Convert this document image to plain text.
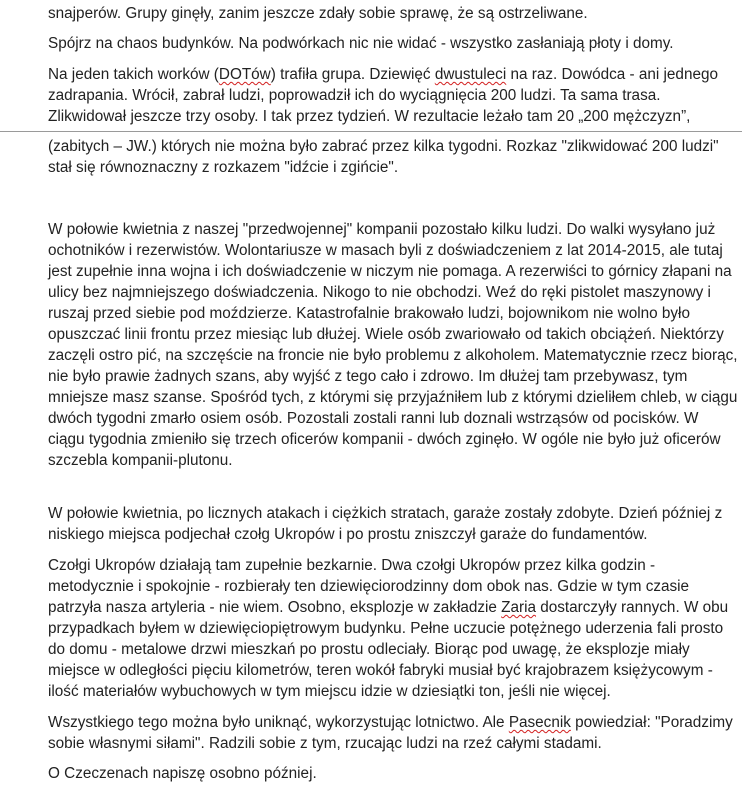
snajperów. Grupy ginęły, zanim jeszcze zdały sobie sprawę, że są ostrzeliwane.

Spójrz na chaos budynków. Na podwórkach nic nie widać - wszystko zasłaniają płoty i domy.

Na jeden takich worków (DOTów) trafiła grupa. Dziewięć dwustuleci na raz. Dowódca - ani jednego
zadrapania. Wrócił, zabrał ludzi, poprowadził ich do wyciągnięcia 200 ludzi. Ta sama trasa.
Zlikwidował jeszcze trzy osoby. I tak przez tydzień. W rezultacie leżało tam 20 „200 mężczyzn”,

(zabitych – JW.) których nie można było zabrać przez kilka tygodni. Rozkaz "zlikwidować 200 ludzi"
stał się równoznaczny z rozkazem "idźcie i zgińcie".

W połowie kwietnia z naszej "przedwojennej" kompanii pozostało kilku ludzi. Do walki wysyłano już
ochotników i rezerwistów. Wolontariusze w masach byli z doświadczeniem z lat 2014-2015, ale tutaj
jest zupełnie inna wojna i ich doświadczenie w niczym nie pomaga. A rezerwiści to górnicy złapani na
ulicy bez najmniejszego doświadczenia. Nikogo to nie obchodzi. Weź do ręki pistolet maszynowy i
ruszaj przed siebie pod moździerze. Katastrofalnie brakowało ludzi, bojownikom nie wolno było
opuszczać linii frontu przez miesiąc lub dłużej. Wiele osób zwariowało od takich obciążeń. Niektórzy
zaczęli ostro pić, na szczęście na froncie nie było problemu z alkoholem. Matematycznie rzecz biorąc,
nie było prawie żadnych szans, aby wyjść z tego cało i zdrowo. Im dłużej tam przebywasz, tym
mniejsze masz szanse. Spośród tych, z którymi się przyjaźniłem lub z którymi dzieliłem chleb, w ciągu
dwóch tygodni zmarło osiem osób. Pozostali zostali ranni lub doznali wstrząsów od pocisków. W
ciągu tygodnia zmieniło się trzech oficerów kompanii - dwóch zginęło. W ogóle nie było już oficerów
szczebla kompanii-plutonu.

W połowie kwietnia, po licznych atakach i ciężkich stratach, garaże zostały zdobyte. Dzień później z
niskiego miejsca podjechał czołg Ukropów i po prostu zniszczył garaże do fundamentów.

Czołgi Ukropów działają tam zupełnie bezkarnie. Dwa czołgi Ukropów przez kilka godzin -
metodycznie i spokojnie - rozbierały ten dziewięciorodzinny dom obok nas. Gdzie w tym czasie
patrzyła nasza artyleria - nie wiem. Osobno, eksplozje w zakładzie Zaria dostarczyły rannych. W obu
przypadkach byłem w dziewięciopiętrowym budynku. Pełne uczucie potężnego uderzenia fali prosto
do domu - metalowe drzwi mieszkań po prostu odleciały. Biorąc pod uwagę, że eksplozje miały
miejsce w odległości pięciu kilometrów, teren wokół fabryki musiał być krajobrazem księżycowym -
ilość materiałów wybuchowych w tym miejscu idzie w dziesiątki ton, jeśli nie więcej.

Wszystkiego tego można było uniknąć, wykorzystując lotnictwo. Ale Pasecnik powiedział: "Poradzimy
sobie własnymi siłami". Radzili sobie z tym, rzucając ludzi na rzeź całymi stadami.

O Czeczenach napiszę osobno później.
